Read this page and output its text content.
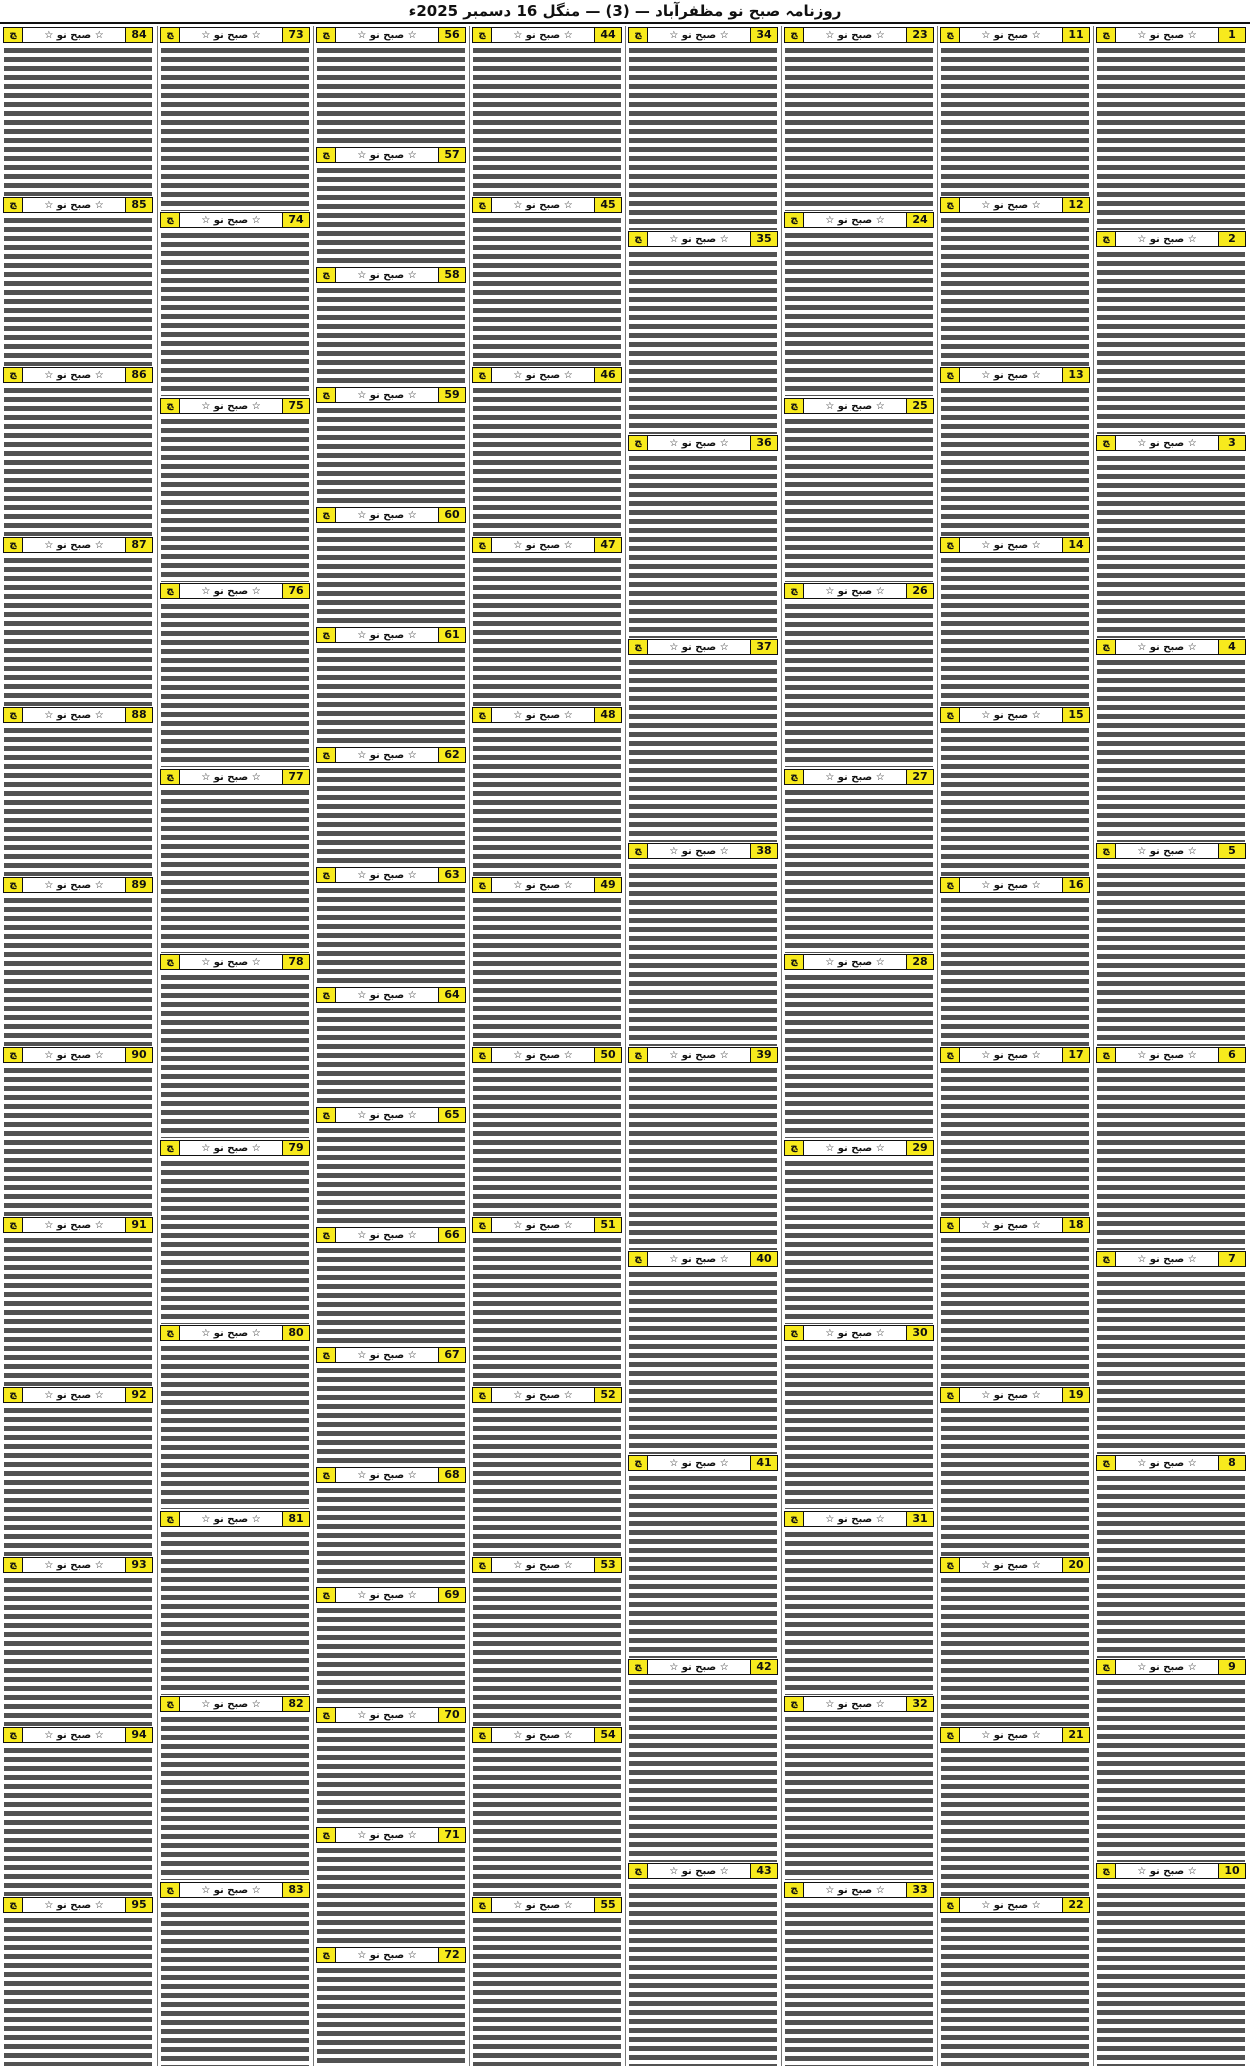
روزنامہ صبح نو مظفرآباد — (3) — منگل 16 دسمبر 2025ء
1
☆ صبح نو ☆
ﭻ
2
☆ صبح نو ☆
ﭻ
3
☆ صبح نو ☆
ﭻ
4
☆ صبح نو ☆
ﭻ
5
☆ صبح نو ☆
ﭻ
6
☆ صبح نو ☆
ﭻ
7
☆ صبح نو ☆
ﭻ
8
☆ صبح نو ☆
ﭻ
9
☆ صبح نو ☆
ﭻ
10
☆ صبح نو ☆
ﭻ
11
☆ صبح نو ☆
ﭻ
12
☆ صبح نو ☆
ﭻ
13
☆ صبح نو ☆
ﭻ
14
☆ صبح نو ☆
ﭻ
15
☆ صبح نو ☆
ﭻ
16
☆ صبح نو ☆
ﭻ
17
☆ صبح نو ☆
ﭻ
18
☆ صبح نو ☆
ﭻ
19
☆ صبح نو ☆
ﭻ
20
☆ صبح نو ☆
ﭻ
21
☆ صبح نو ☆
ﭻ
22
☆ صبح نو ☆
ﭻ
23
☆ صبح نو ☆
ﭻ
24
☆ صبح نو ☆
ﭻ
25
☆ صبح نو ☆
ﭻ
26
☆ صبح نو ☆
ﭻ
27
☆ صبح نو ☆
ﭻ
28
☆ صبح نو ☆
ﭻ
29
☆ صبح نو ☆
ﭻ
30
☆ صبح نو ☆
ﭻ
31
☆ صبح نو ☆
ﭻ
32
☆ صبح نو ☆
ﭻ
33
☆ صبح نو ☆
ﭻ
34
☆ صبح نو ☆
ﭻ
35
☆ صبح نو ☆
ﭻ
36
☆ صبح نو ☆
ﭻ
37
☆ صبح نو ☆
ﭻ
38
☆ صبح نو ☆
ﭻ
39
☆ صبح نو ☆
ﭻ
40
☆ صبح نو ☆
ﭻ
41
☆ صبح نو ☆
ﭻ
42
☆ صبح نو ☆
ﭻ
43
☆ صبح نو ☆
ﭻ
44
☆ صبح نو ☆
ﭻ
45
☆ صبح نو ☆
ﭻ
46
☆ صبح نو ☆
ﭻ
47
☆ صبح نو ☆
ﭻ
48
☆ صبح نو ☆
ﭻ
49
☆ صبح نو ☆
ﭻ
50
☆ صبح نو ☆
ﭻ
51
☆ صبح نو ☆
ﭻ
52
☆ صبح نو ☆
ﭻ
53
☆ صبح نو ☆
ﭻ
54
☆ صبح نو ☆
ﭻ
55
☆ صبح نو ☆
ﭻ
56
☆ صبح نو ☆
ﭻ
57
☆ صبح نو ☆
ﭻ
58
☆ صبح نو ☆
ﭻ
59
☆ صبح نو ☆
ﭻ
60
☆ صبح نو ☆
ﭻ
61
☆ صبح نو ☆
ﭻ
62
☆ صبح نو ☆
ﭻ
63
☆ صبح نو ☆
ﭻ
64
☆ صبح نو ☆
ﭻ
65
☆ صبح نو ☆
ﭻ
66
☆ صبح نو ☆
ﭻ
67
☆ صبح نو ☆
ﭻ
68
☆ صبح نو ☆
ﭻ
69
☆ صبح نو ☆
ﭻ
70
☆ صبح نو ☆
ﭻ
71
☆ صبح نو ☆
ﭻ
72
☆ صبح نو ☆
ﭻ
73
☆ صبح نو ☆
ﭻ
74
☆ صبح نو ☆
ﭻ
75
☆ صبح نو ☆
ﭻ
76
☆ صبح نو ☆
ﭻ
77
☆ صبح نو ☆
ﭻ
78
☆ صبح نو ☆
ﭻ
79
☆ صبح نو ☆
ﭻ
80
☆ صبح نو ☆
ﭻ
81
☆ صبح نو ☆
ﭻ
82
☆ صبح نو ☆
ﭻ
83
☆ صبح نو ☆
ﭻ
84
☆ صبح نو ☆
ﭻ
85
☆ صبح نو ☆
ﭻ
86
☆ صبح نو ☆
ﭻ
87
☆ صبح نو ☆
ﭻ
88
☆ صبح نو ☆
ﭻ
89
☆ صبح نو ☆
ﭻ
90
☆ صبح نو ☆
ﭻ
91
☆ صبح نو ☆
ﭻ
92
☆ صبح نو ☆
ﭻ
93
☆ صبح نو ☆
ﭻ
94
☆ صبح نو ☆
ﭻ
95
☆ صبح نو ☆
ﭻ
